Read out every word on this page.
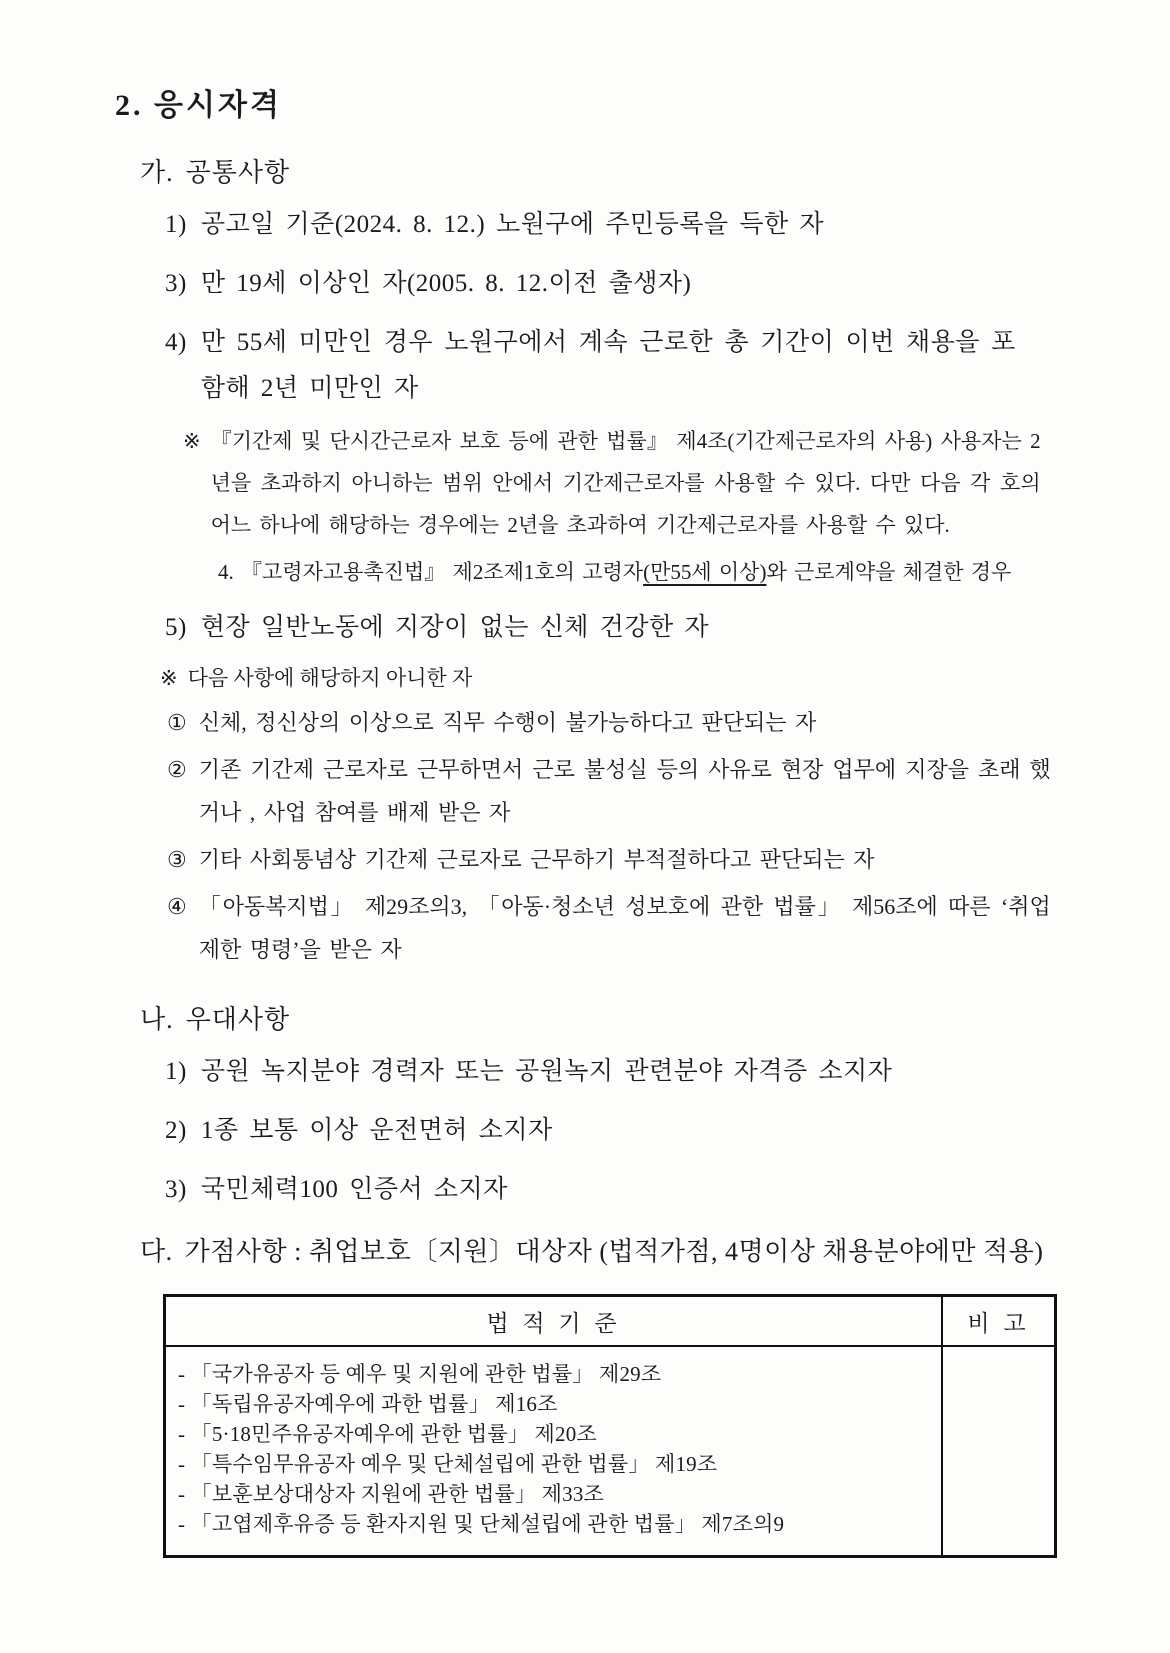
2. 응시자격
가. 공통사항
1) 공고일 기준(2024. 8. 12.) 노원구에 주민등록을 득한 자
3) 만 19세 이상인 자(2005. 8. 12.이전 출생자)
4) 만 55세 미만인 경우 노원구에서 계속 근로한 총 기간이 이번 채용을 포함해 2년 미만인 자
※ 『기간제 및 단시간근로자 보호 등에 관한 법률』 제4조(기간제근로자의 사용) 사용자는 2년을 초과하지 아니하는 범위 안에서 기간제근로자를 사용할 수 있다. 다만 다음 각 호의 어느 하나에 해당하는 경우에는 2년을 초과하여 기간제근로자를 사용할 수 있다.
4. 『고령자고용촉진법』 제2조제1호의 고령자(만55세 이상)와 근로계약을 체결한 경우
5) 현장 일반노동에 지장이 없는 신체 건강한 자
※ 다음 사항에 해당하지 아니한 자
① 신체, 정신상의 이상으로 직무 수행이 불가능하다고 판단되는 자
② 기존 기간제 근로자로 근무하면서 근로 불성실 등의 사유로 현장 업무에 지장을 초래 했거나 , 사업 참여를 배제 받은 자
③ 기타 사회통념상 기간제 근로자로 근무하기 부적절하다고 판단되는 자
④ 「아동복지법」 제29조의3, 「아동·청소년 성보호에 관한 법률」 제56조에 따른 ‘취업 제한 명령’을 받은 자
나. 우대사항
1) 공원 녹지분야 경력자 또는 공원녹지 관련분야 자격증 소지자
2) 1종 보통 이상 운전면허 소지자
3) 국민체력100 인증서 소지자
다. 가점사항 : 취업보호〔지원〕대상자 (법적가점, 4명이상 채용분야에만 적용)
법 적 기 준	비 고
- 「국가유공자 등 예우 및 지원에 관한 법률」 제29조
- 「독립유공자예우에 과한 법률」 제16조
- 「5·18민주유공자예우에 관한 법률」 제20조
- 「특수임무유공자 예우 및 단체설립에 관한 법률」 제19조
- 「보훈보상대상자 지원에 관한 법률」 제33조
- 「고엽제후유증 등 환자지원 및 단체설립에 관한 법률」 제7조의9
